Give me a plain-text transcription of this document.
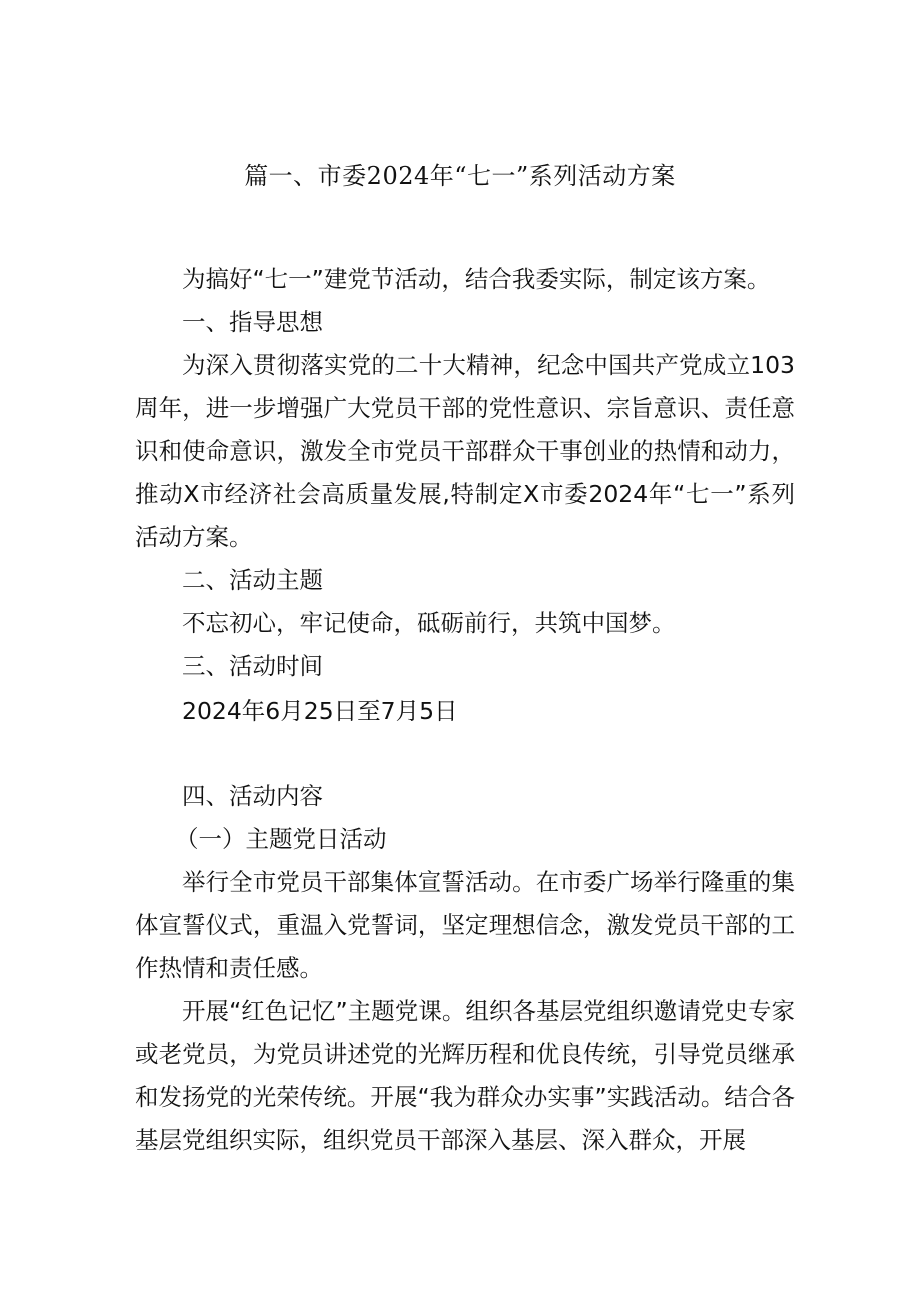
篇一、市委2024年“七一”系列活动方案

为搞好“七一”建党节活动，结合我委实际，制定该方案。

一、指导思想

为深入贯彻落实党的二十大精神，纪念中国共产党成立103周年，进一步增强广大党员干部的党性意识、宗旨意识、责任意识和使命意识，激发全市党员干部群众干事创业的热情和动力，推动X市经济社会高质量发展,特制定X市委2024年“七一”系列活动方案。

二、活动主题

不忘初心，牢记使命，砥砺前行，共筑中国梦。

三、活动时间

2024年6月25日至7月5日

四、活动内容

（一）主题党日活动

举行全市党员干部集体宣誓活动。在市委广场举行隆重的集体宣誓仪式，重温入党誓词，坚定理想信念，激发党员干部的工作热情和责任感。

开展“红色记忆”主题党课。组织各基层党组织邀请党史专家或老党员，为党员讲述党的光辉历程和优良传统，引导党员继承和发扬党的光荣传统。开展“我为群众办实事”实践活动。结合各基层党组织实际，组织党员干部深入基层、深入群众，开展
